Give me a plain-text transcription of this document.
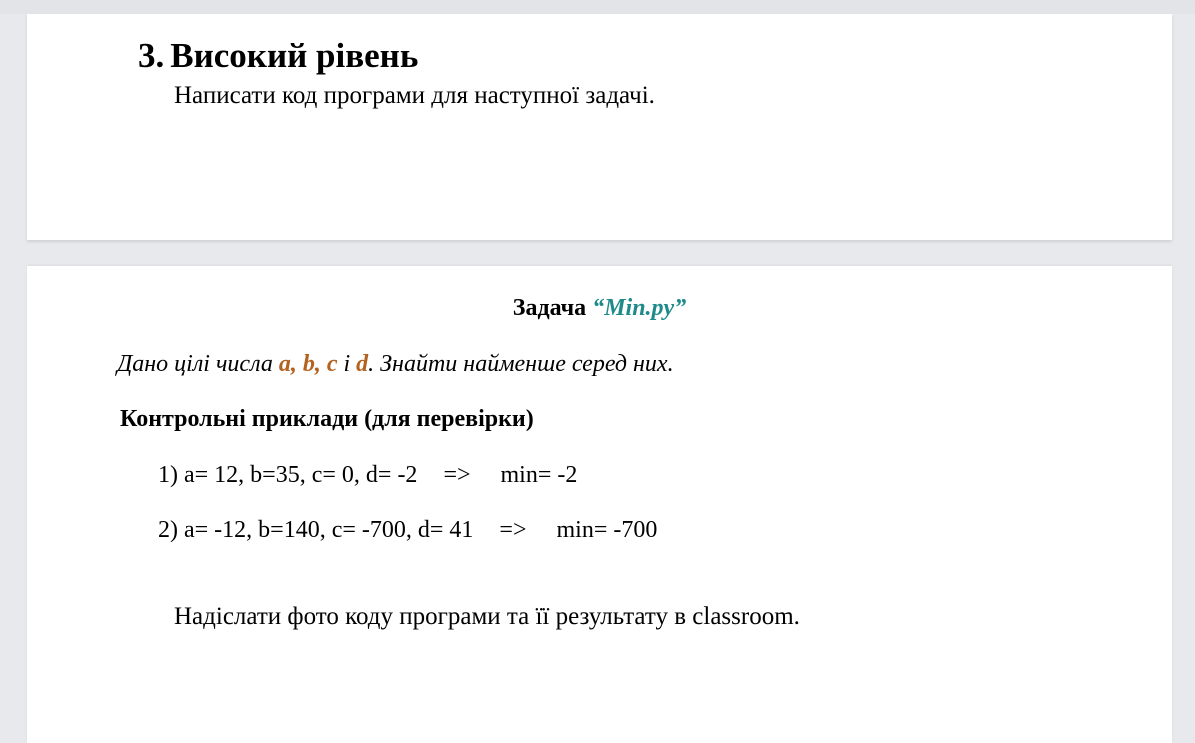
3. Високий рівень
Написати код програми для наступної задачі.
Задача “Min.py”
Дано цілі числа a, b, c і d. Знайти найменше серед них.
Контрольні приклади (для перевірки)
1) a= 12, b=35, c= 0, d= -2 => min= -2
2) a= -12, b=140, c= -700, d= 41 => min= -700
Надіслати фото коду програми та її результату в classroom.
